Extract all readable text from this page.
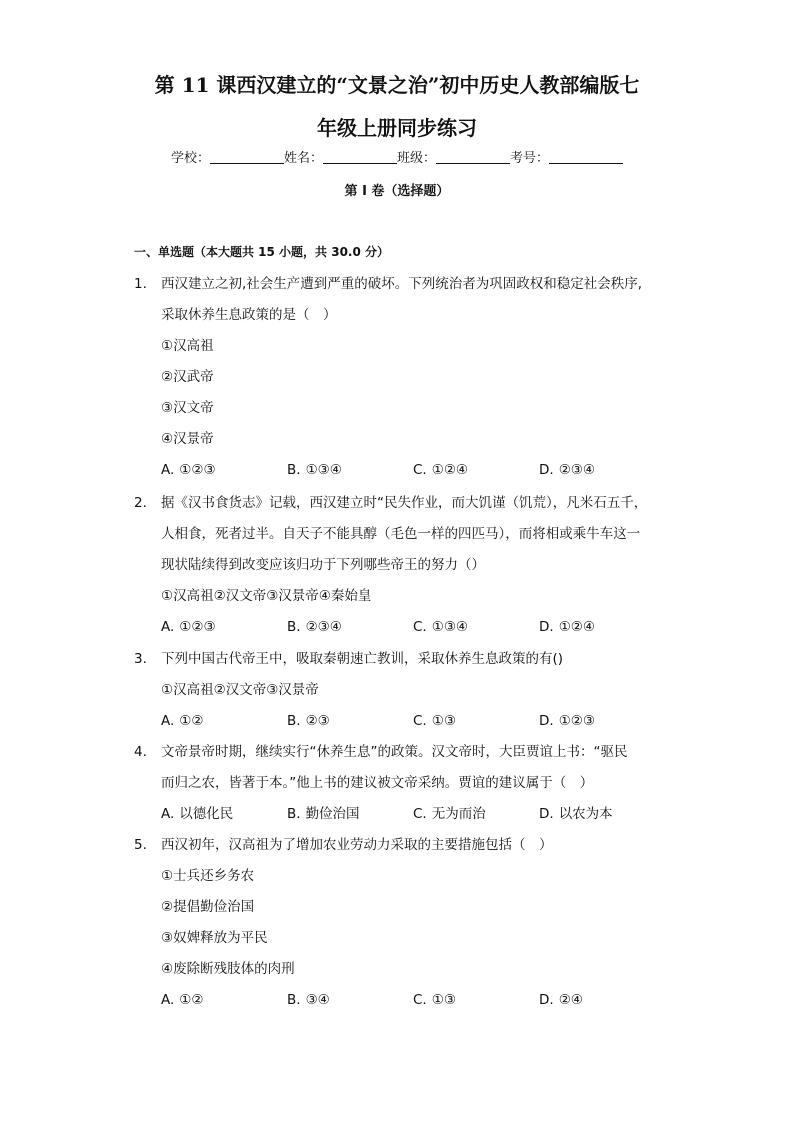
第 11 课西汉建立的“文景之治”初中历史人教部编版七
年级上册同步练习
学校：	姓名：	班级：	考号：
第 I 卷（选择题）
一、单选题（本大题共 15 小题，共 30.0 分）
1.	西汉建立之初,社会生产遭到严重的破坏。下列统治者为巩固政权和稳定社会秩序,
采取休养生息政策的是（　）
①汉高祖
②汉武帝
③汉文帝
④汉景帝
A. ①②③	B. ①③④	C. ①②④	D. ②③④
2.	据《汉书食货志》记载，西汉建立时“民失作业，而大饥谨（饥荒），凡米石五千，
人相食，死者过半。自天子不能具醇（毛色一样的四匹马），而将相或乘牛车这一
现状陆续得到改变应该归功于下列哪些帝王的努力（）
①汉高祖②汉文帝③汉景帝④秦始皇
A. ①②③	B. ②③④	C. ①③④	D. ①②④
3.	下列中国古代帝王中，吸取秦朝速亡教训，采取休养生息政策的有()
①汉高祖②汉文帝③汉景帝
A. ①②	B. ②③	C. ①③	D. ①②③
4.	文帝景帝时期，继续实行“休养生息”的政策。汉文帝时，大臣贾谊上书：“驱民
而归之农，皆著于本。”他上书的建议被文帝采纳。贾谊的建议属于（　）
A. 以德化民	B. 勤俭治国	C. 无为而治	D. 以农为本
5.	西汉初年，汉高祖为了增加农业劳动力采取的主要措施包括（　）
①士兵还乡务农
②提倡勤俭治国
③奴婢释放为平民
④废除断残肢体的肉刑
A. ①②	B. ③④	C. ①③	D. ②④
